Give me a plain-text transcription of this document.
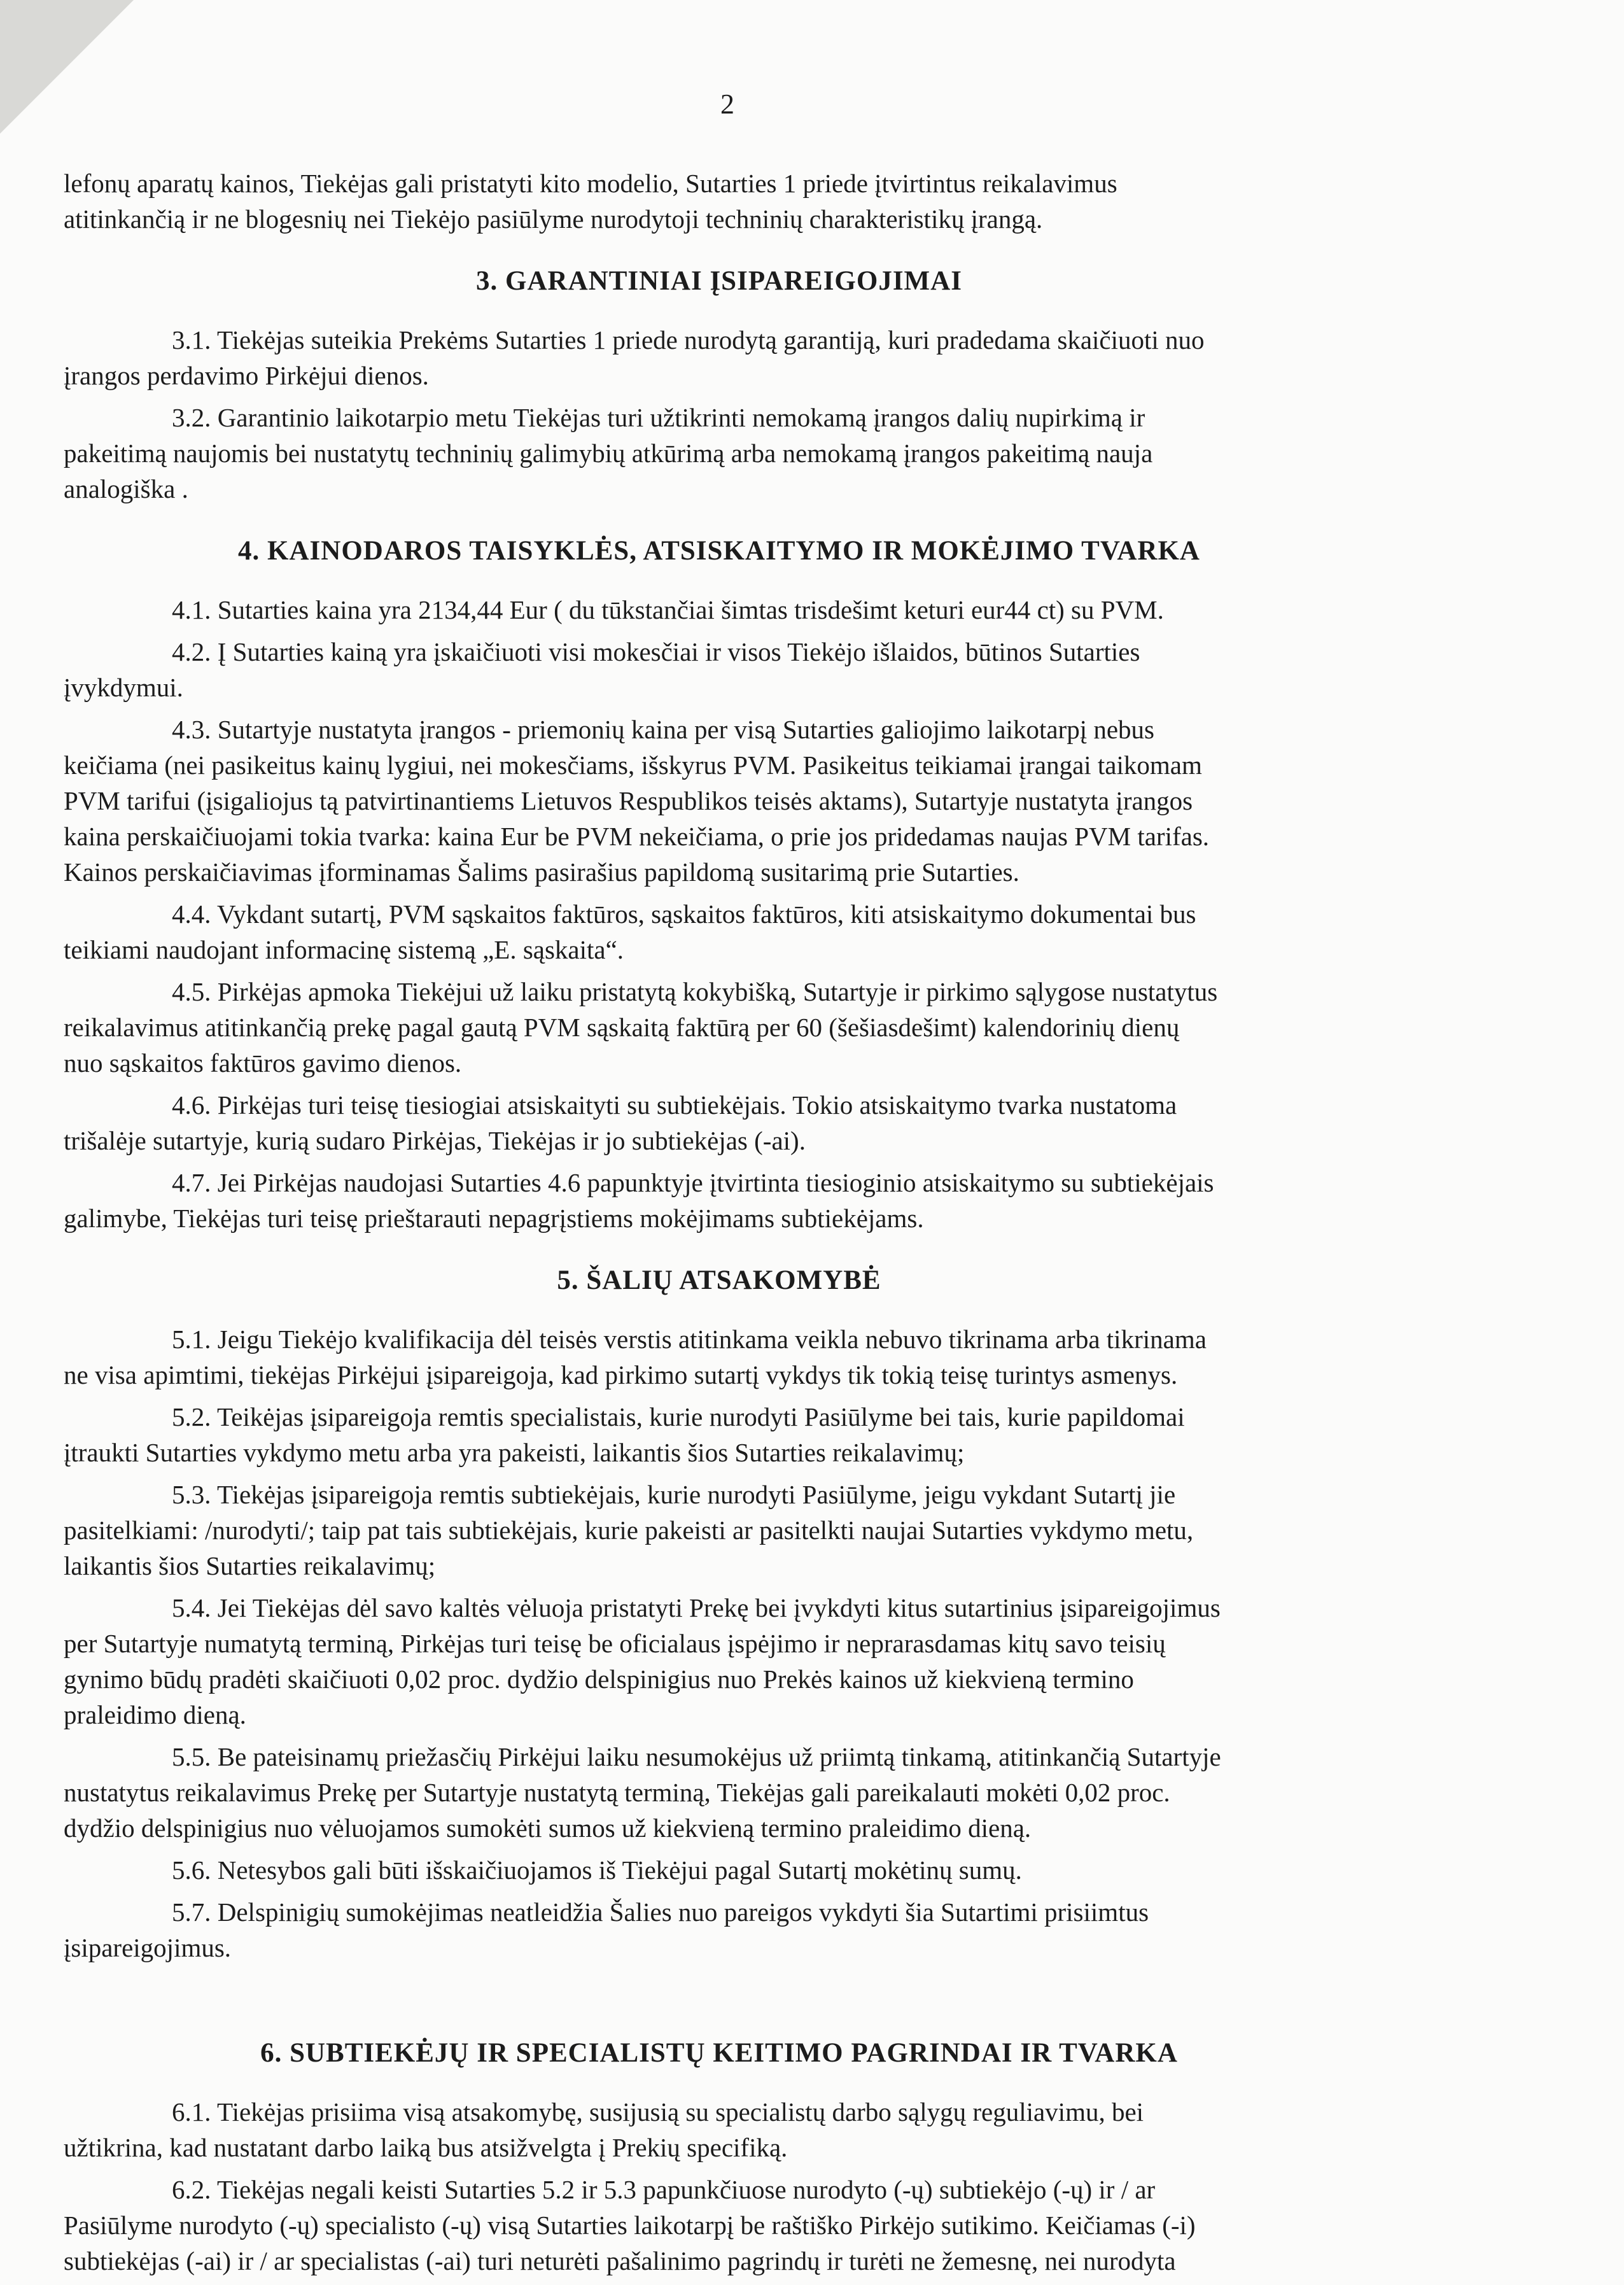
2
lefonų aparatų kainos, Tiekėjas gali pristatyti kito modelio, Sutarties 1 priede įtvirtintus reikalavimus
atitinkančią ir ne blogesnių nei Tiekėjo pasiūlyme nurodytoji techninių charakteristikų įrangą.
3. GARANTINIAI ĮSIPAREIGOJIMAI
3.1. Tiekėjas suteikia Prekėms Sutarties 1 priede nurodytą garantiją, kuri pradedama skaičiuoti nuo
įrangos perdavimo Pirkėjui dienos.
3.2. Garantinio laikotarpio metu Tiekėjas turi užtikrinti nemokamą įrangos dalių nupirkimą ir
pakeitimą naujomis bei nustatytų techninių galimybių atkūrimą arba nemokamą įrangos pakeitimą nauja
analogiška .
4. KAINODAROS TAISYKLĖS, ATSISKAITYMO IR MOKĖJIMO TVARKA
4.1. Sutarties kaina yra 2134,44 Eur ( du tūkstančiai šimtas trisdešimt keturi eur44 ct) su PVM.
4.2. Į Sutarties kainą yra įskaičiuoti visi mokesčiai ir visos Tiekėjo išlaidos, būtinos Sutarties
įvykdymui.
4.3. Sutartyje nustatyta įrangos - priemonių kaina per visą Sutarties galiojimo laikotarpį nebus
keičiama (nei pasikeitus kainų lygiui, nei mokesčiams, išskyrus PVM. Pasikeitus teikiamai įrangai taikomam
PVM tarifui (įsigaliojus tą patvirtinantiems Lietuvos Respublikos teisės aktams), Sutartyje nustatyta įrangos
kaina perskaičiuojami tokia tvarka: kaina Eur be PVM nekeičiama, o prie jos pridedamas naujas PVM tarifas.
Kainos perskaičiavimas įforminamas Šalims pasirašius papildomą susitarimą prie Sutarties.
4.4. Vykdant sutartį, PVM sąskaitos faktūros, sąskaitos faktūros, kiti atsiskaitymo dokumentai bus
teikiami naudojant informacinę sistemą „E. sąskaita“.
4.5. Pirkėjas apmoka Tiekėjui už laiku pristatytą kokybišką, Sutartyje ir pirkimo sąlygose nustatytus
reikalavimus atitinkančią prekę pagal gautą PVM sąskaitą faktūrą per 60 (šešiasdešimt) kalendorinių dienų
nuo sąskaitos faktūros gavimo dienos.
4.6. Pirkėjas turi teisę tiesiogiai atsiskaityti su subtiekėjais. Tokio atsiskaitymo tvarka nustatoma
trišalėje sutartyje, kurią sudaro Pirkėjas, Tiekėjas ir jo subtiekėjas (-ai).
4.7. Jei Pirkėjas naudojasi Sutarties 4.6 papunktyje įtvirtinta tiesioginio atsiskaitymo su subtiekėjais
galimybe, Tiekėjas turi teisę prieštarauti nepagrįstiems mokėjimams subtiekėjams.
5. ŠALIŲ ATSAKOMYBĖ
5.1. Jeigu Tiekėjo kvalifikacija dėl teisės verstis atitinkama veikla nebuvo tikrinama arba tikrinama
ne visa apimtimi, tiekėjas Pirkėjui įsipareigoja, kad pirkimo sutartį vykdys tik tokią teisę turintys asmenys.
5.2. Teikėjas įsipareigoja remtis specialistais, kurie nurodyti Pasiūlyme bei tais, kurie papildomai
įtraukti Sutarties vykdymo metu arba yra pakeisti, laikantis šios Sutarties reikalavimų;
5.3. Tiekėjas įsipareigoja remtis subtiekėjais, kurie nurodyti Pasiūlyme, jeigu vykdant Sutartį jie
pasitelkiami: /nurodyti/; taip pat tais subtiekėjais, kurie pakeisti ar pasitelkti naujai Sutarties vykdymo metu,
laikantis šios Sutarties reikalavimų;
5.4. Jei Tiekėjas dėl savo kaltės vėluoja pristatyti Prekę bei įvykdyti kitus sutartinius įsipareigojimus
per Sutartyje numatytą terminą, Pirkėjas turi teisę be oficialaus įspėjimo ir neprarasdamas kitų savo teisių
gynimo būdų pradėti skaičiuoti 0,02 proc. dydžio delspinigius nuo Prekės kainos už kiekvieną termino
praleidimo dieną.
5.5. Be pateisinamų priežasčių Pirkėjui laiku nesumokėjus už priimtą tinkamą, atitinkančią Sutartyje
nustatytus reikalavimus Prekę per Sutartyje nustatytą terminą, Tiekėjas gali pareikalauti mokėti 0,02 proc.
dydžio delspinigius nuo vėluojamos sumokėti sumos už kiekvieną termino praleidimo dieną.
5.6. Netesybos gali būti išskaičiuojamos iš Tiekėjui pagal Sutartį mokėtinų sumų.
5.7. Delspinigių sumokėjimas neatleidžia Šalies nuo pareigos vykdyti šia Sutartimi prisiimtus
įsipareigojimus.
6. SUBTIEKĖJŲ IR SPECIALISTŲ KEITIMO PAGRINDAI IR TVARKA
6.1. Tiekėjas prisiima visą atsakomybę, susijusią su specialistų darbo sąlygų reguliavimu, bei
užtikrina, kad nustatant darbo laiką bus atsižvelgta į Prekių specifiką.
6.2. Tiekėjas negali keisti Sutarties 5.2 ir 5.3 papunkčiuose nurodyto (-ų) subtiekėjo (-ų) ir / ar
Pasiūlyme nurodyto (-ų) specialisto (-ų) visą Sutarties laikotarpį be raštiško Pirkėjo sutikimo. Keičiamas (-i)
subtiekėjas (-ai) ir / ar specialistas (-ai) turi neturėti pašalinimo pagrindų ir turėti ne žemesnę, nei nurodyta
